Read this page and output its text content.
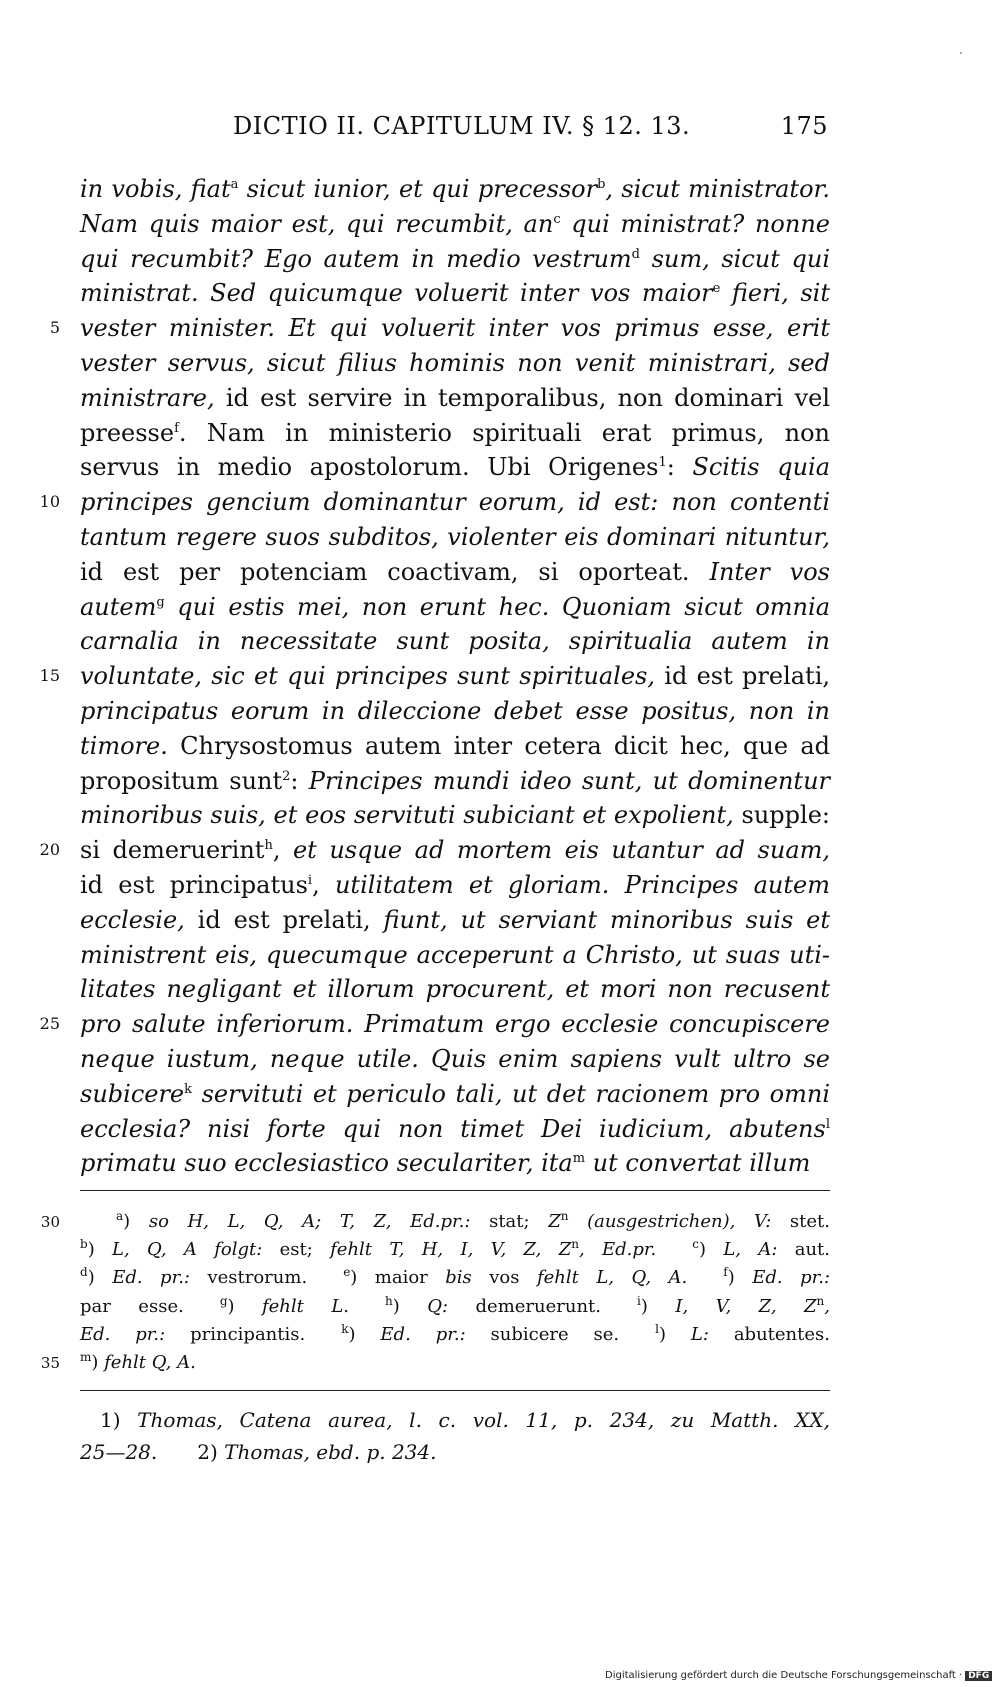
DICTIO II. CAPITULUM IV. § 12. 13.	175
in vobis, fiat$^a$ sicut iunior, et qui precessor$^b$, sicut ministrator.
Nam quis maior est, qui recumbit, $an^c$ qui ministrat? nonne
qui recumbit? Ego autem in medio vestrum$^d$ sum, sicut qui
ministrat. Sed quicumque voluerit inter vos maior$^e$ fieri, sit
5 vester minister. Et qui voluerit inter vos primus esse, erit
vester servus, sicut filius hominis non venit ministrari, sed
ministrare, id est servire in temporalibus, non dominari vel
preesse$^f$. Nam in ministerio spirituali erat primus, non
servus in medio apostolorum. Ubi Origenes$^1$: Scitis quia
10 principes gencium dominantur eorum, id est: non contenti
tantum regere suos subditos, violenter eis dominari nituntur,
id est per potenciam coactivam, si oporteat. Inter vos
autem$^g$ qui estis mei, non erunt hec. Quoniam sicut omnia
carnalia in necessitate sunt posita, spiritualia autem in
15 voluntate, sic et qui principes sunt spirituales, id est prelati,
principatus eorum in dileccione debet esse positus, non in
timore. Chrysostomus autem inter cetera dicit hec, que ad
propositum sunt$^2$: Principes mundi ideo sunt, ut dominentur
minoribus suis, et eos servituti subiciant et expolient, supple:
20 si demeruerint$^h$, et usque ad mortem eis utantur ad suam,
id est principatus$^i$, utilitatem et gloriam. Principes autem
ecclesie, id est prelati, fiunt, ut serviant minoribus suis et
ministrent eis, quecumque acceperunt a Christo, ut suas uti-
litates negligant et illorum procurent, et mori non recusent
25 pro salute inferiorum. Primatum ergo ecclesie concupiscere
neque iustum, neque utile. Quis enim sapiens vult ultro se
subicere$^k$ servituti et periculo tali, ut det racionem pro omni
ecclesia? nisi forte qui non timet Dei iudicium, abutens$^l$
primatu suo ecclesiastico seculariter, ita$^m$ ut convertat illum
30
  	$^a$) so H, L, Q, A; T, Z, Ed.pr.: stat; $Z^n$ (ausgestrichen), V: stet.
$^b$) L, Q, A folgt: est; fehlt T, H, I, V, Z, $Z^n$, Ed.pr.  	$^c$) L, A: aut.
$^d$) Ed. pr.: vestrorum.  $^e$) maior bis vos fehlt L, Q, A.  	$^f$) Ed. pr.:
par esse.  $^g$) fehlt L.  	$^h$) Q: demeruerunt.  $^i$) I, V, Z, $Z^n$,
Ed. pr.: principantis.  $^k$) Ed. pr.: subicere se.  $^l$) L: abutentes.
35 $^m$) fehlt Q, A.
 1) Thomas, Catena aurea, l. c. vol. 11, p. 234, zu Matth. XX,
25—28.  2) Thomas, ebd. p. 234.
Digitalisierung gefördert durch die Deutsche Forschungsgemeinschaft · DFG
